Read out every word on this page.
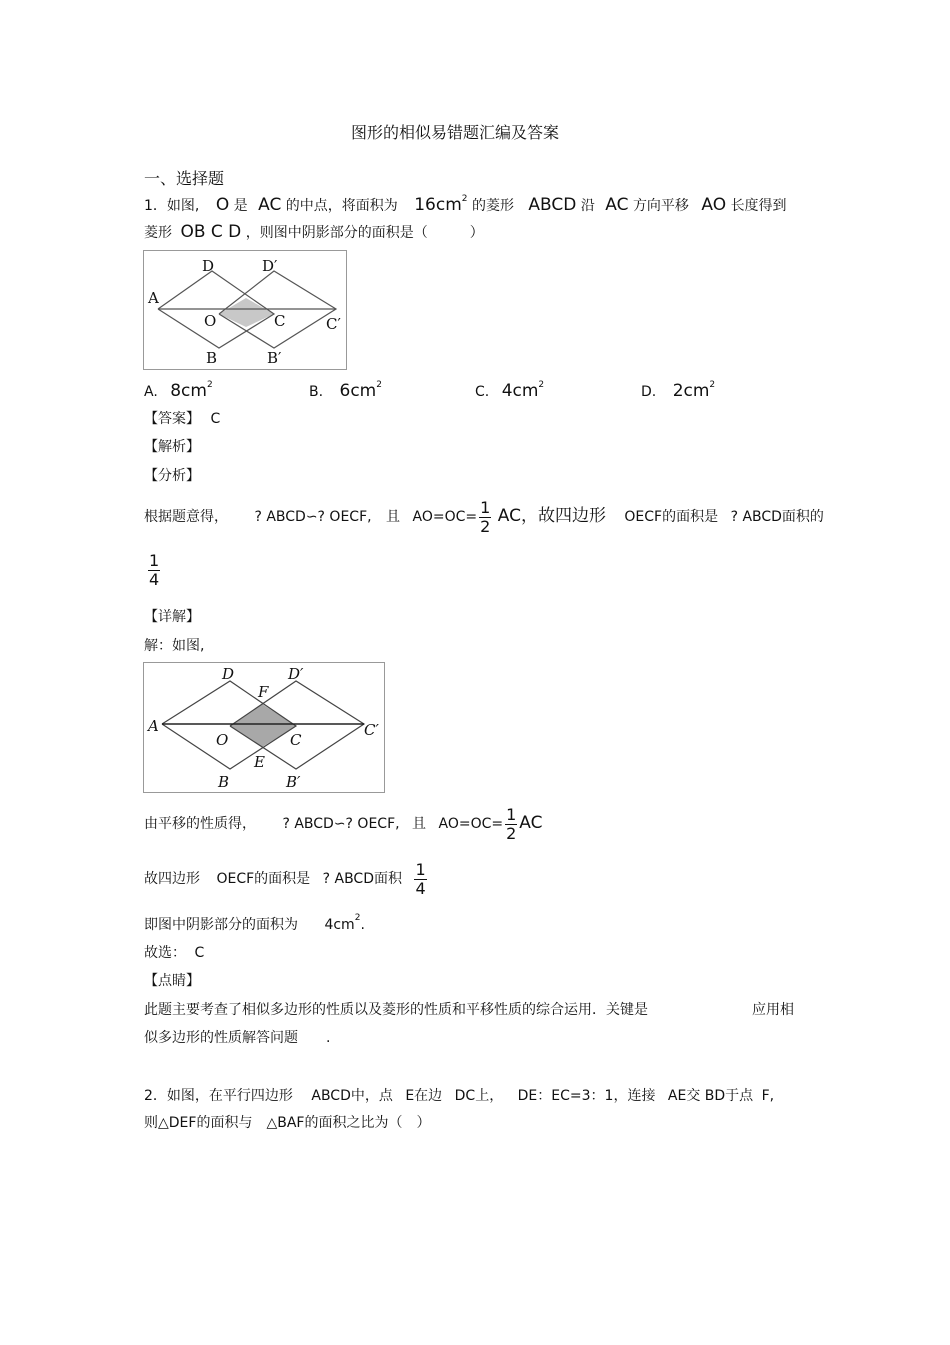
图形的相似易错题汇编及答案
一、选择题
1．如图, O 是 AC 的中点，将面积为 $16cm^2$ 的菱形 ABCD 沿 AC 方向平移 AO 长度得到
菱形 OB C D ，则图中阴影部分的面积是（　　　）
D	D′
A
O	C	C′
B	B′
A. $8cm^2$	B. $6cm^2$	C. $4cm^2$	D. $2cm^2$
【答案】 C
【解析】
【分析】
根据题意得， ? ABCD∽? OECF, 且 $AO=OC= \frac{1}{2}$ AC，故四边形 OECF的面积是 ? ABCD面积的
$\frac{1}{4}$
【详解】
解：如图,
D	D′
F
A
O	C
C′
E
B	B′
由平移的性质得， ? ABCD∽? OECF, 且 $AO=OC= \frac{1}{2}$ AC
故四边形 OECF的面积是 ? ABCD面积 $\frac{1}{4}$
即图中阴影部分的面积为 $4cm^2$.
故选： C
【点睛】
此题主要考查了相似多边形的性质以及菱形的性质和平移性质的综合运用．关键是	应用相
似多边形的性质解答问题　　.
2．如图，在平行四边形 ABCD中，点 E在边 DC上， DE：EC=3：1，连接 AE交 BD于点 F,
则△DEF的面积与　△BAF的面积之比为（　）
